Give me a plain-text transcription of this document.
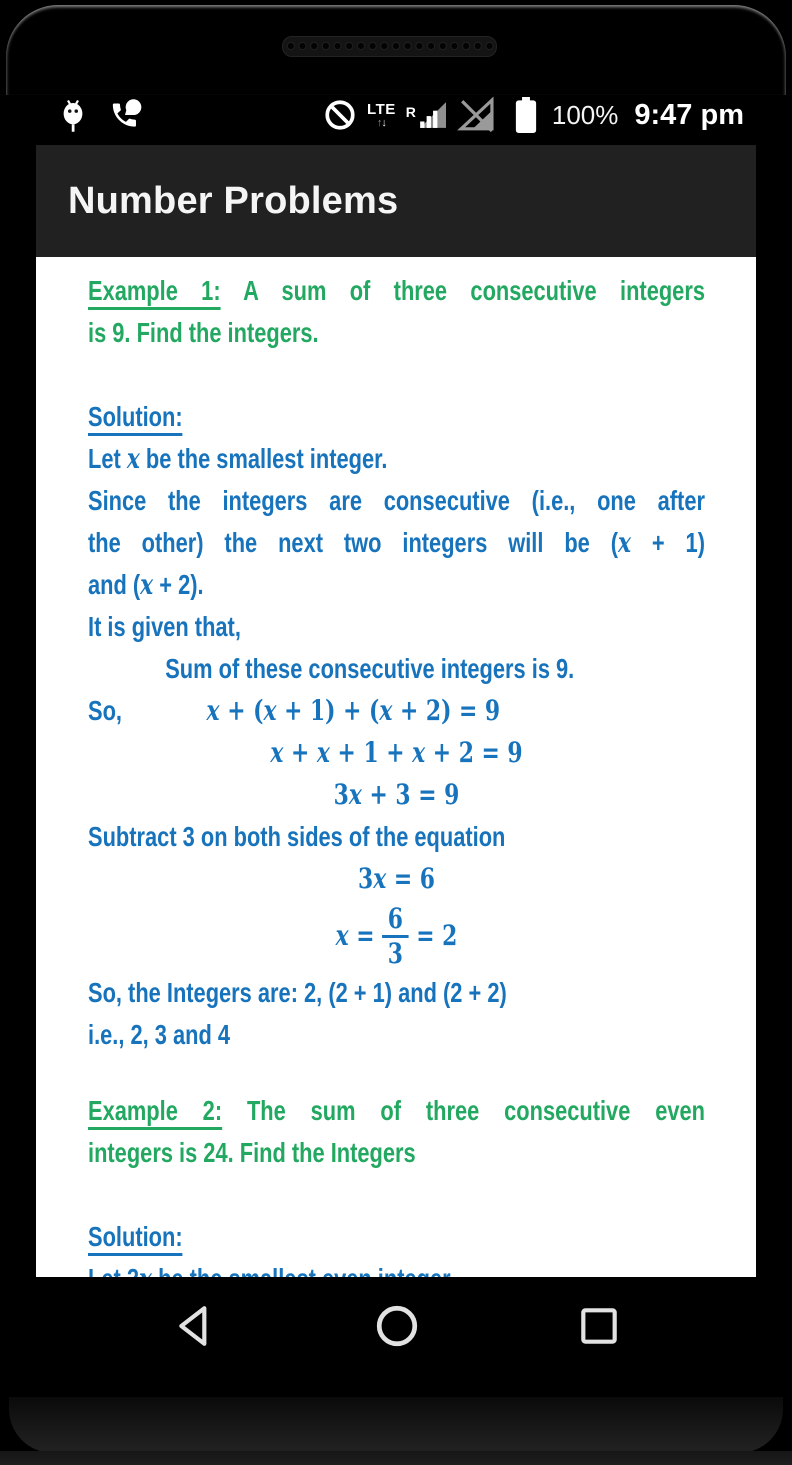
LTE
↑↓
R	100% 9:47 pm
Number Problems
Example 1: A sum of three consecutive integers
is 9. Find the integers.
Solution:
Let x be the smallest integer.
Since the integers are consecutive (i.e., one after
the other) the next two integers will be (x + 1)
and (x + 2).
It is given that,
Sum of these consecutive integers is 9.
So,	x + (x + 1) + (x + 2) = 9
x + x + 1 + x + 2 = 9
3x + 3 = 9
Subtract 3 on both sides of the equation
3x = 6
$x = \frac{6}{3} = 2$
So, the Integers are: 2, (2 + 1) and (2 + 2)
i.e., 2, 3 and 4
Example 2: The sum of three consecutive even
integers is 24. Find the Integers
Solution:
